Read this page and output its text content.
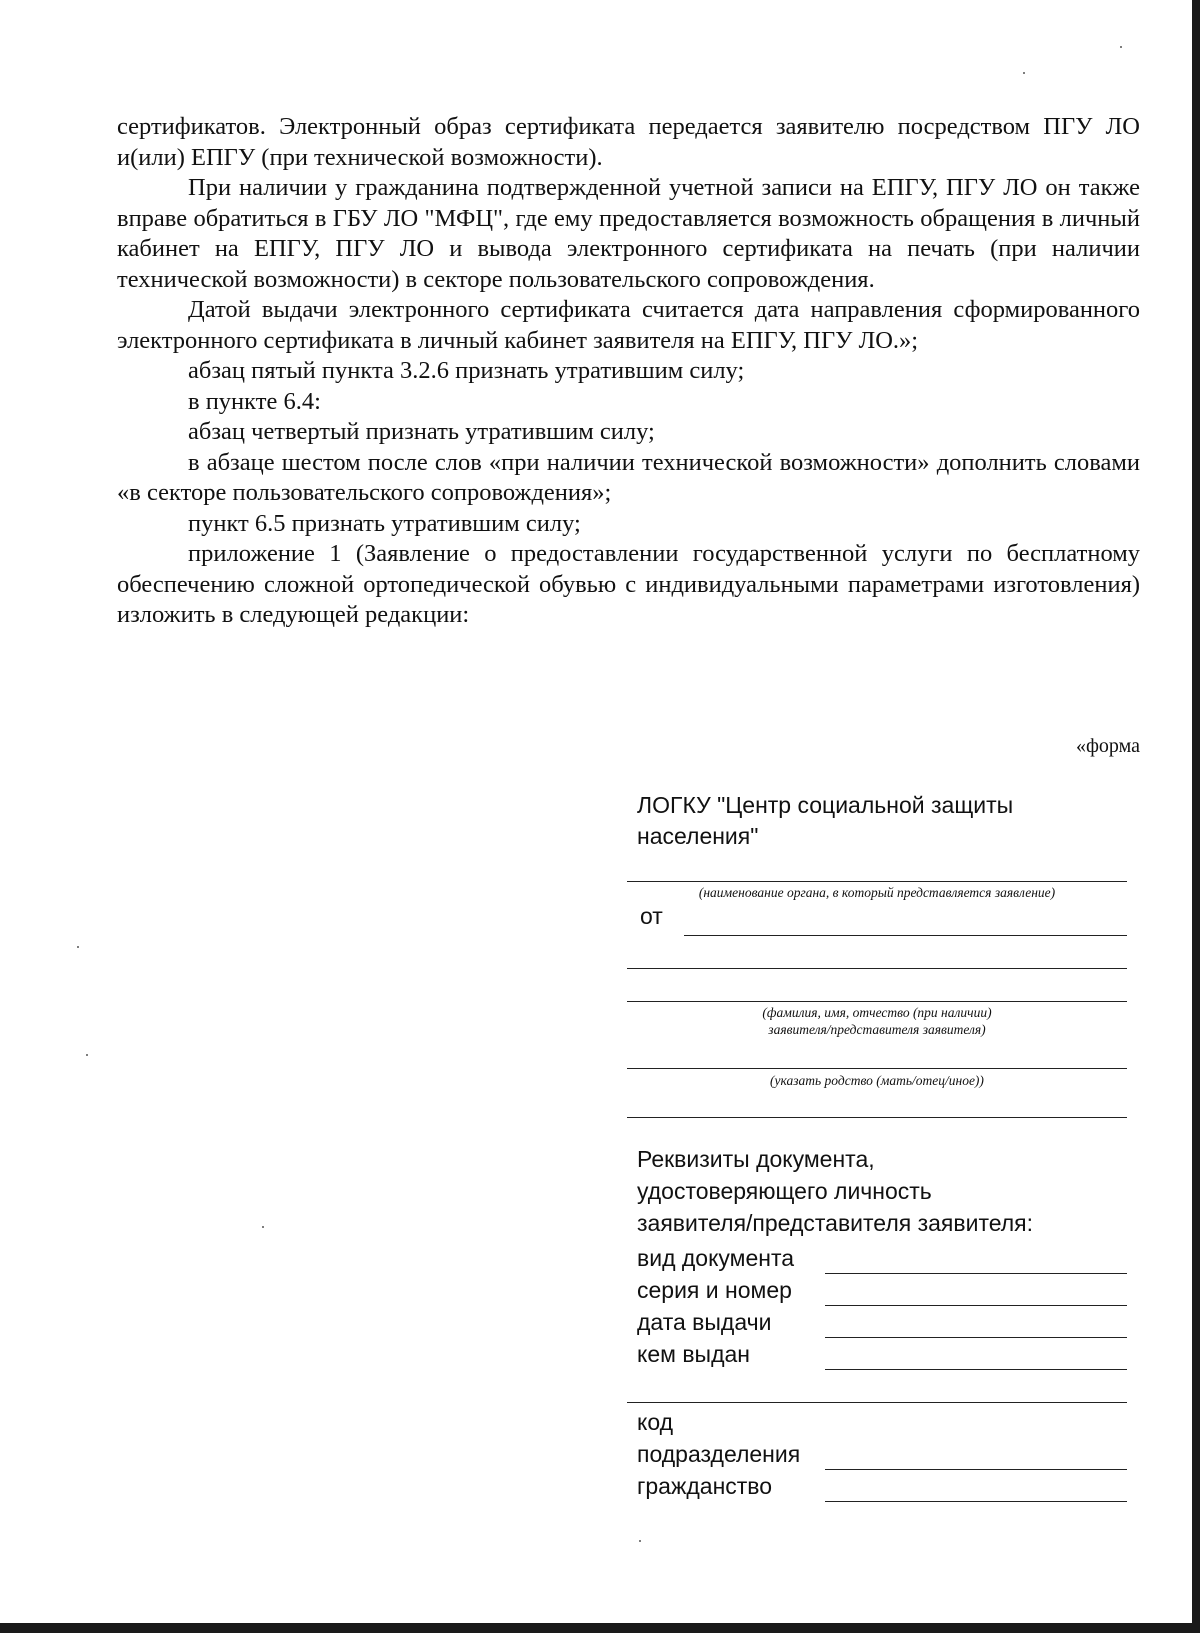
сертификатов. Электронный образ сертификата передается заявителю посредством ПГУ ЛО и(или) ЕПГУ (при технической возможности).

При наличии у гражданина подтвержденной учетной записи на ЕПГУ, ПГУ ЛО он также вправе обратиться в ГБУ ЛО "МФЦ", где ему предоставляется возможность обращения в личный кабинет на ЕПГУ, ПГУ ЛО и вывода электронного сертификата на печать (при наличии технической возможности) в секторе пользовательского сопровождения.

Датой выдачи электронного сертификата считается дата направления сформированного электронного сертификата в личный кабинет заявителя на ЕПГУ, ПГУ ЛО.»;

абзац пятый пункта 3.2.6 признать утратившим силу;

в пункте 6.4:

абзац четвертый признать утратившим силу;

в абзаце шестом после слов «при наличии технической возможности» дополнить словами «в секторе пользовательского сопровождения»;

пункт 6.5 признать утратившим силу;

приложение 1 (Заявление о предоставлении государственной услуги по бесплатному обеспечению сложной ортопедической обувью с индивидуальными параметрами изготовления) изложить в следующей редакции:

«форма
ЛОГКУ "Центр социальной защиты населения"
(наименование органа, в который представляется заявление)
от
(фамилия, имя, отчество (при наличии)
заявителя/представителя заявителя)
(указать родство (мать/отец/иное))
Реквизиты документа,
удостоверяющего личность
заявителя/представителя заявителя:
вид документа
серия и номер
дата выдачи
кем выдан
код
подразделения
гражданство
